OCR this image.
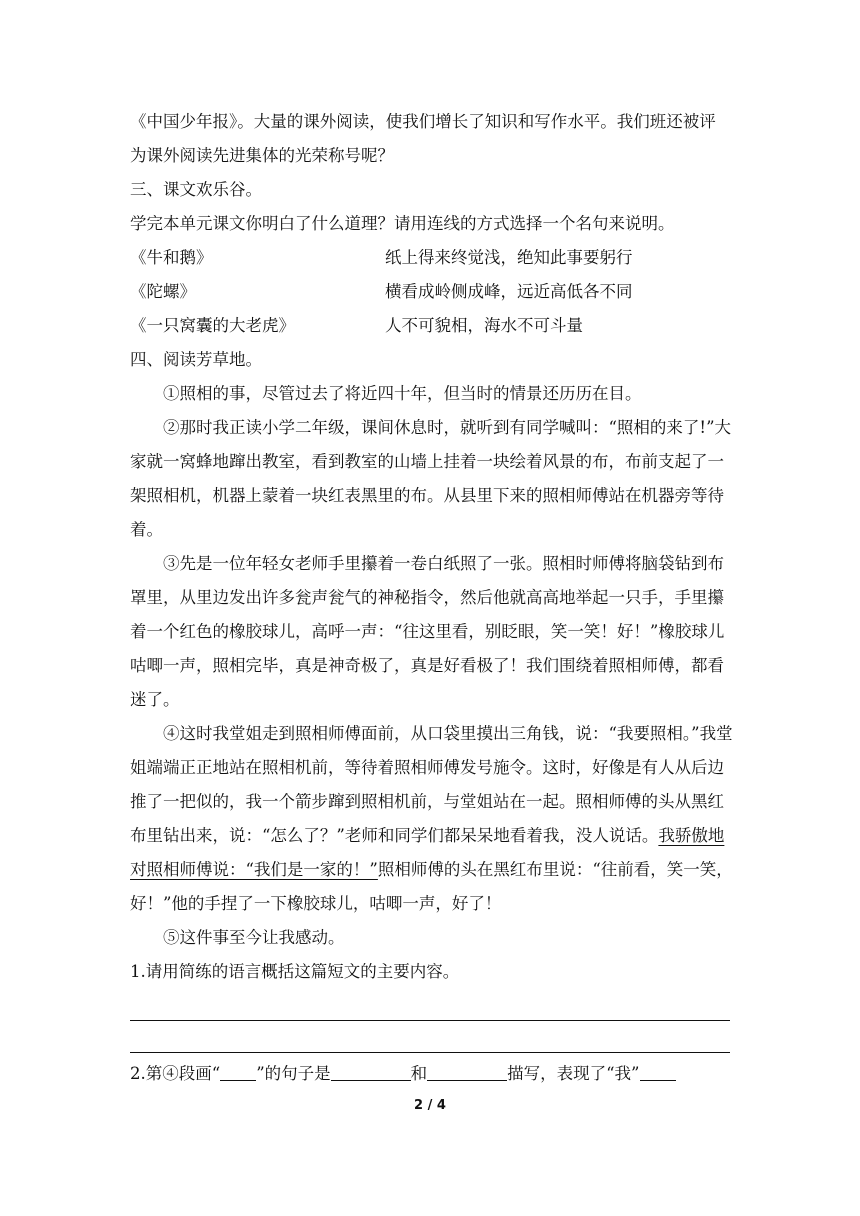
《中国少年报》。大量的课外阅读，使我们增长了知识和写作水平。我们班还被评

为课外阅读先进集体的光荣称号呢？

三、课文欢乐谷。

学完本单元课文你明白了什么道理？请用连线的方式选择一个名句来说明。

《牛和鹅》	纸上得来终觉浅，绝知此事要躬行
《陀螺》	横看成岭侧成峰，远近高低各不同
《一只窝囊的大老虎》	人不可貌相，海水不可斗量

四、阅读芳草地。

①照相的事，尽管过去了将近四十年，但当时的情景还历历在目。

②那时我正读小学二年级，课间休息时，就听到有同学喊叫：“照相的来了!”大家就一窝蜂地蹿出教室，看到教室的山墙上挂着一块绘着风景的布，布前支起了一架照相机，机器上蒙着一块红表黑里的布。从县里下来的照相师傅站在机器旁等待着。

③先是一位年轻女老师手里攥着一卷白纸照了一张。照相时师傅将脑袋钻到布罩里，从里边发出许多瓮声瓮气的神秘指令，然后他就高高地举起一只手，手里攥着一个红色的橡胶球儿，高呼一声：“往这里看，别眨眼，笑一笑！好！”橡胶球儿咕唧一声，照相完毕，真是神奇极了，真是好看极了！我们围绕着照相师傅，都看迷了。

④这时我堂姐走到照相师傅面前，从口袋里摸出三角钱，说：“我要照相。”我堂姐端端正正地站在照相机前，等待着照相师傅发号施令。这时，好像是有人从后边推了一把似的，我一个箭步蹿到照相机前，与堂姐站在一起。照相师傅的头从黑红布里钻出来，说：“怎么了？”老师和同学们都呆呆地看着我，没人说话。我骄傲地对照相师傅说：“我们是一家的！”照相师傅的头在黑红布里说：“往前看，笑一笑，好！”他的手捏了一下橡胶球儿，咕唧一声，好了！

⑤这件事至今让我感动。

1.请用简练的语言概括这篇短文的主要内容。

2.第④段画“ ”的句子是	和	描写，表现了“我”

2 / 4
